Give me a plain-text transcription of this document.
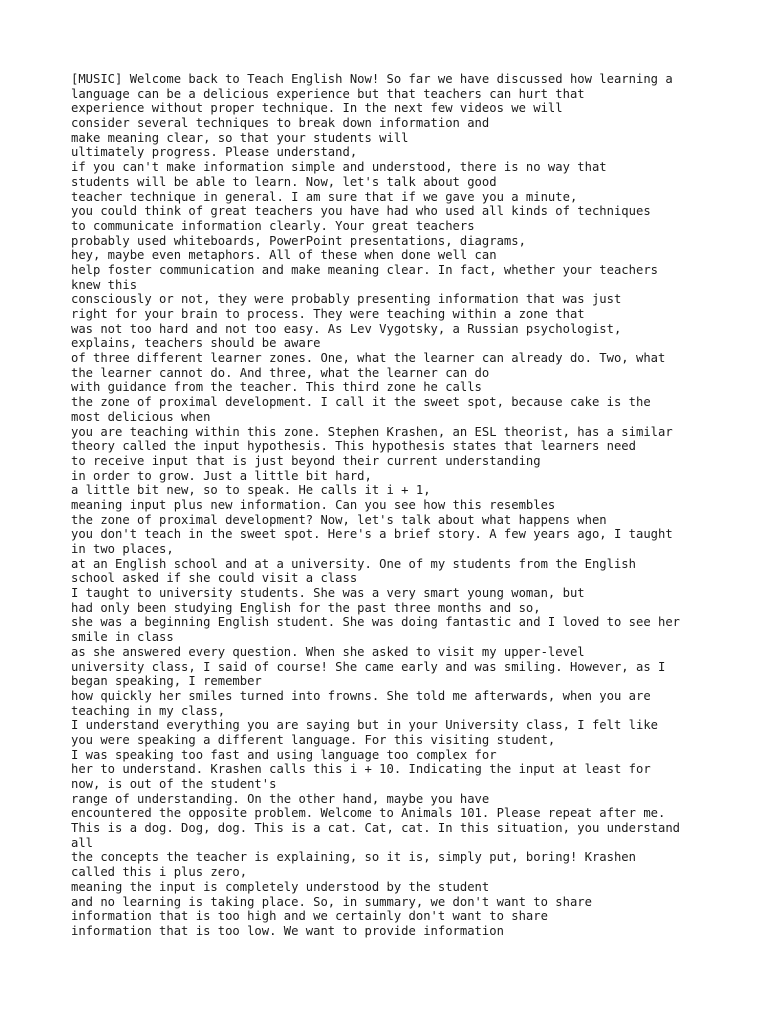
[MUSIC] Welcome back to Teach English Now! So far we have discussed how learning a
language can be a delicious experience but that teachers can hurt that
experience without proper technique. In the next few videos we will
consider several techniques to break down information and
make meaning clear, so that your students will
ultimately progress. Please understand,
if you can't make information simple and understood, there is no way that
students will be able to learn. Now, let's talk about good
teacher technique in general. I am sure that if we gave you a minute,
you could think of great teachers you have had who used all kinds of techniques
to communicate information clearly. Your great teachers
probably used whiteboards, PowerPoint presentations, diagrams,
hey, maybe even metaphors. All of these when done well can
help foster communication and make meaning clear. In fact, whether your teachers
knew this
consciously or not, they were probably presenting information that was just
right for your brain to process. They were teaching within a zone that
was not too hard and not too easy. As Lev Vygotsky, a Russian psychologist,
explains, teachers should be aware
of three different learner zones. One, what the learner can already do. Two, what
the learner cannot do. And three, what the learner can do
with guidance from the teacher. This third zone he calls
the zone of proximal development. I call it the sweet spot, because cake is the
most delicious when
you are teaching within this zone. Stephen Krashen, an ESL theorist, has a similar
theory called the input hypothesis. This hypothesis states that learners need
to receive input that is just beyond their current understanding
in order to grow. Just a little bit hard,
a little bit new, so to speak. He calls it i + 1,
meaning input plus new information. Can you see how this resembles
the zone of proximal development? Now, let's talk about what happens when
you don't teach in the sweet spot. Here's a brief story. A few years ago, I taught
in two places,
at an English school and at a university. One of my students from the English
school asked if she could visit a class
I taught to university students. She was a very smart young woman, but
had only been studying English for the past three months and so,
she was a beginning English student. She was doing fantastic and I loved to see her
smile in class
as she answered every question. When she asked to visit my upper-level
university class, I said of course! She came early and was smiling. However, as I
began speaking, I remember
how quickly her smiles turned into frowns. She told me afterwards, when you are
teaching in my class,
I understand everything you are saying but in your University class, I felt like
you were speaking a different language. For this visiting student,
I was speaking too fast and using language too complex for
her to understand. Krashen calls this i + 10. Indicating the input at least for
now, is out of the student's
range of understanding. On the other hand, maybe you have
encountered the opposite problem. Welcome to Animals 101. Please repeat after me.
This is a dog. Dog, dog. This is a cat. Cat, cat. In this situation, you understand
all
the concepts the teacher is explaining, so it is, simply put, boring! Krashen
called this i plus zero,
meaning the input is completely understood by the student
and no learning is taking place. So, in summary, we don't want to share
information that is too high and we certainly don't want to share
information that is too low. We want to provide information
